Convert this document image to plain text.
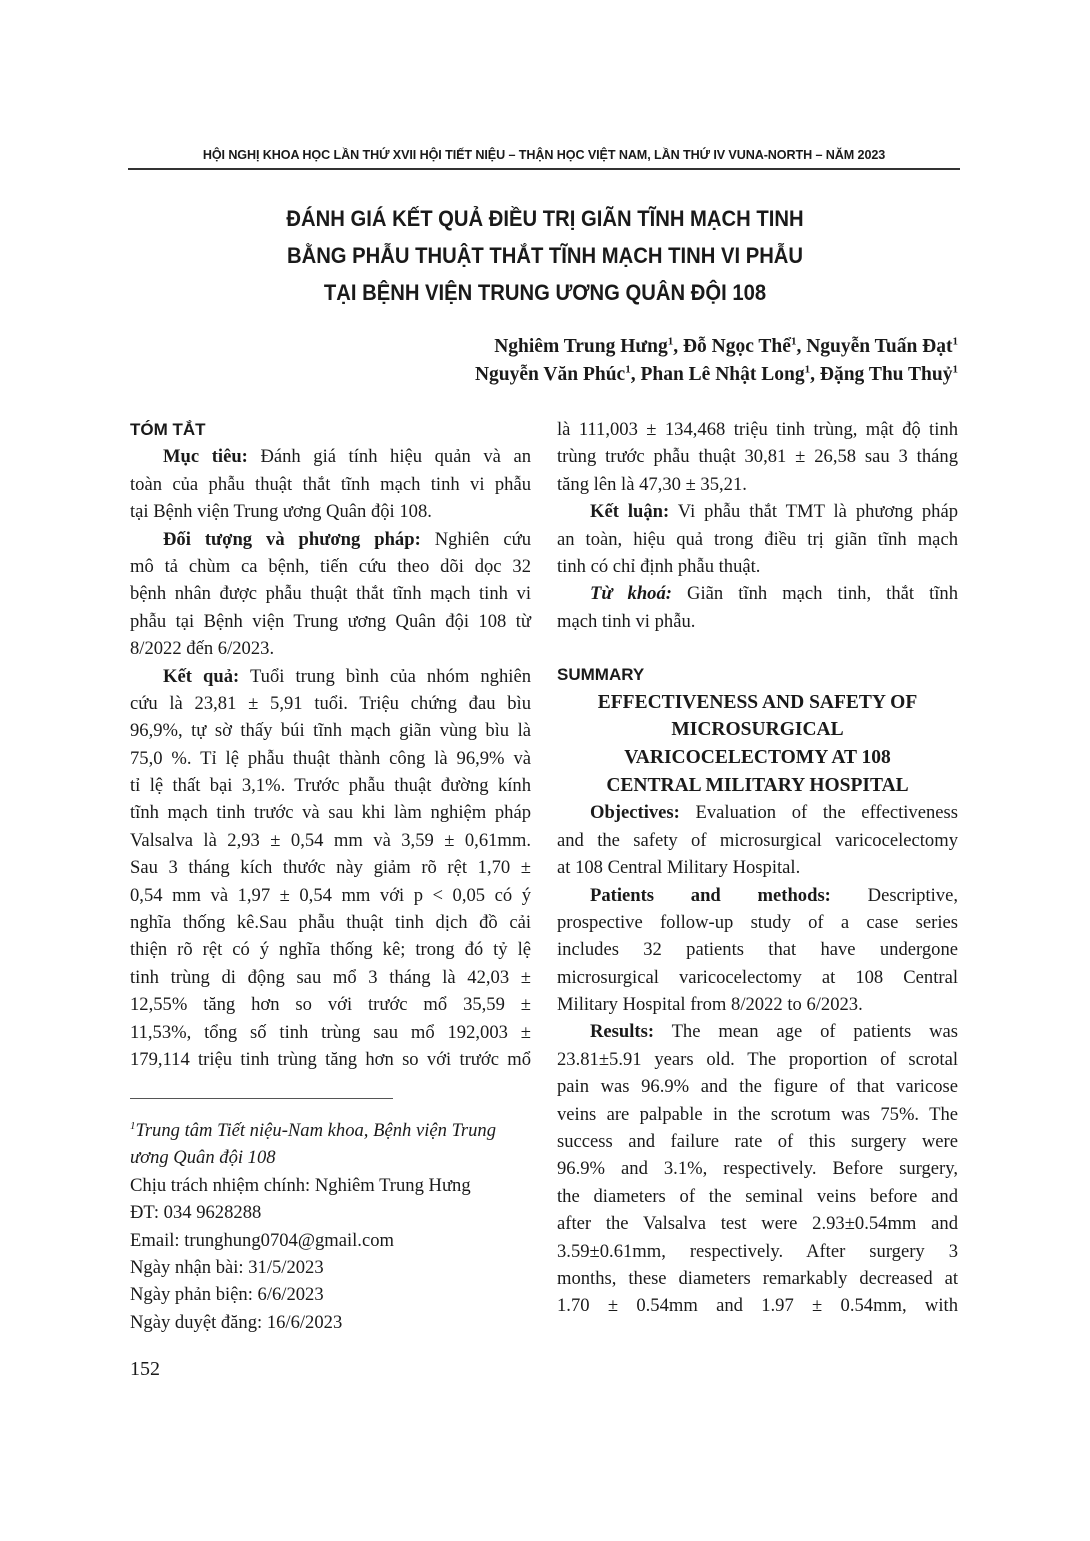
HỘI NGHỊ KHOA HỌC LẦN THỨ XVII HỘI TIẾT NIỆU – THẬN HỌC VIỆT NAM, LẦN THỨ IV VUNA-NORTH – NĂM 2023
ĐÁNH GIÁ KẾT QUẢ ĐIỀU TRỊ GIÃN TĨNH MẠCH TINH
BẰNG PHẪU THUẬT THẮT TĨNH MẠCH TINH VI PHẪU
TẠI BỆNH VIỆN TRUNG ƯƠNG QUÂN ĐỘI 108
Nghiêm Trung Hưng$^1$, Đỗ Ngọc Thể$^1$, Nguyễn Tuấn Đạt$^1$
Nguyễn Văn Phúc$^1$, Phan Lê Nhật Long$^1$, Đặng Thu Thuỷ$^1$
TÓM TẮT
Mục tiêu: Đánh giá tính hiệu quản và an
toàn của phẫu thuật thắt tĩnh mạch tinh vi phẫu
tại Bệnh viện Trung ương Quân đội 108.
Đối tượng và phương pháp: Nghiên cứu
mô tả chùm ca bệnh, tiến cứu theo dõi dọc 32
bệnh nhân được phẫu thuật thắt tĩnh mạch tinh vi
phẫu tại Bệnh viện Trung ương Quân đội 108 từ
8/2022 đến 6/2023.
Kết quả: Tuổi trung bình của nhóm nghiên
cứu là 23,81 ± 5,91 tuổi. Triệu chứng đau bìu
96,9%, tự sờ thấy búi tĩnh mạch giãn vùng bìu là
75,0 %. Tỉ lệ phẫu thuật thành công là 96,9% và
tỉ lệ thất bại 3,1%. Trước phẫu thuật đường kính
tĩnh mạch tinh trước và sau khi làm nghiệm pháp
Valsalva là 2,93 ± 0,54 mm và 3,59 ± 0,61mm.
Sau 3 tháng kích thước này giảm rõ rệt 1,70 ±
0,54 mm và 1,97 ± 0,54 mm với p < 0,05 có ý
nghĩa thống kê.Sau phẫu thuật tinh dịch đồ cải
thiện rõ rệt có ý nghĩa thống kê; trong đó tỷ lệ
tinh trùng di động sau mổ 3 tháng là 42,03 ±
12,55% tăng hơn so với trước mổ 35,59 ±
11,53%, tổng số tinh trùng sau mổ 192,003 ±
179,114 triệu tinh trùng tăng hơn so với trước mổ
là 111,003 ± 134,468 triệu tinh trùng, mật độ tinh
trùng trước phẫu thuật 30,81 ± 26,58 sau 3 tháng
tăng lên là 47,30 ± 35,21.
Kết luận: Vi phẫu thắt TMT là phương pháp
an toàn, hiệu quả trong điều trị giãn tĩnh mạch
tinh có chỉ định phẫu thuật.
Từ khoá: Giãn tĩnh mạch tinh, thắt tĩnh
mạch tinh vi phẫu.
SUMMARY
EFFECTIVENESS AND SAFETY OF
MICROSURGICAL
VARICOCELECTOMY AT 108
CENTRAL MILITARY HOSPITAL
Objectives: Evaluation of the effectiveness
and the safety of microsurgical varicocelectomy
at 108 Central Military Hospital.
Patients and methods: Descriptive,
prospective follow-up study of a case series
includes 32 patients that have undergone
microsurgical varicocelectomy at 108 Central
Military Hospital from 8/2022 to 6/2023.
Results: The mean age of patients was
23.81±5.91 years old. The proportion of scrotal
pain was 96.9% and the figure of that varicose
veins are palpable in the scrotum was 75%. The
success and failure rate of this surgery were
96.9% and 3.1%, respectively. Before surgery,
the diameters of the seminal veins before and
after the Valsalva test were 2.93±0.54mm and
3.59±0.61mm, respectively. After surgery 3
months, these diameters remarkably decreased at
1.70 ± 0.54mm and 1.97 ± 0.54mm, with
$^1$Trung tâm Tiết niệu-Nam khoa, Bệnh viện Trung
ương Quân đội 108
Chịu trách nhiệm chính: Nghiêm Trung Hưng
ĐT: 034 9628288
Email: trunghung0704@gmail.com
Ngày nhận bài: 31/5/2023
Ngày phản biện: 6/6/2023
Ngày duyệt đăng: 16/6/2023
152
